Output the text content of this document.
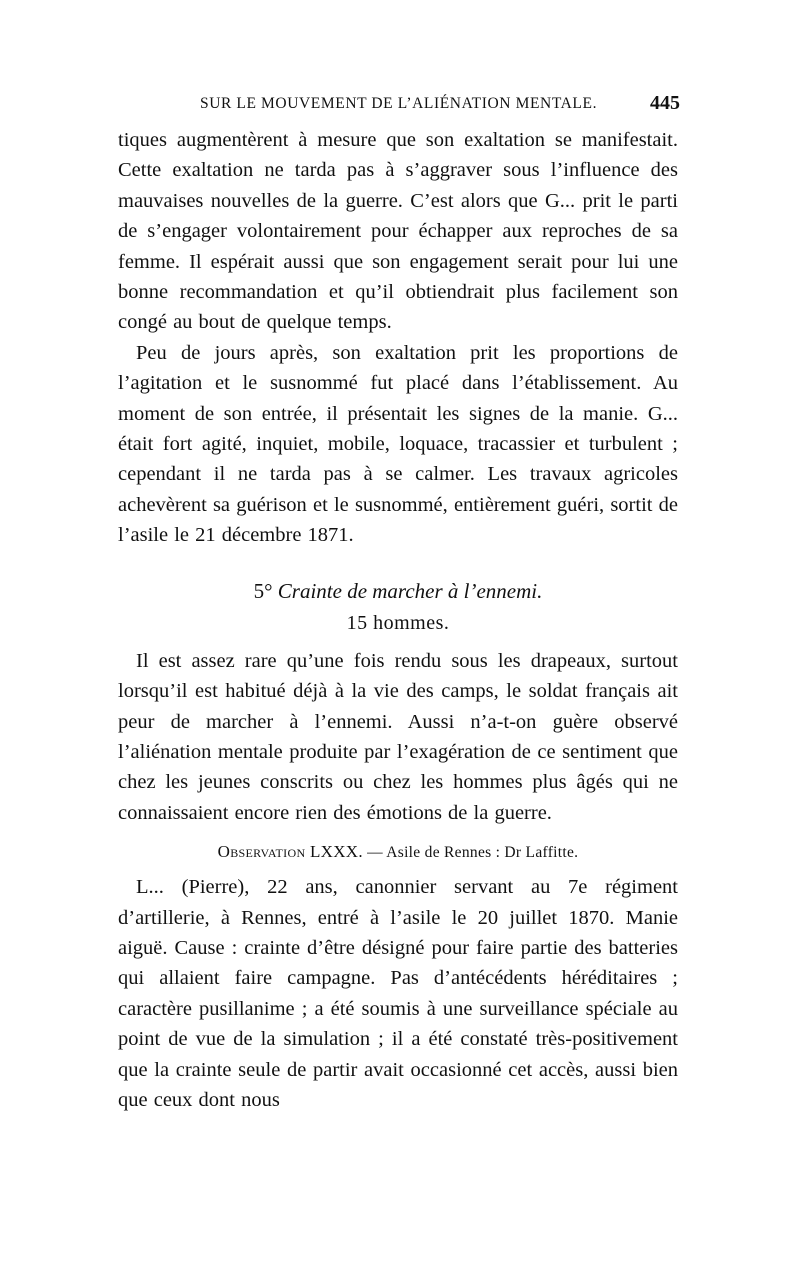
SUR LE MOUVEMENT DE L’ALIÉNATION MENTALE.	445

tiques augmentèrent à mesure que son exaltation se manifestait. Cette exaltation ne tarda pas à s’aggraver sous l’influence des mauvaises nouvelles de la guerre. C’est alors que G... prit le parti de s’engager volontairement pour échapper aux reproches de sa femme. Il espérait aussi que son engagement serait pour lui une bonne recommandation et qu’il obtiendrait plus facilement son congé au bout de quelque temps.

Peu de jours après, son exaltation prit les proportions de l’agitation et le susnommé fut placé dans l’établissement. Au moment de son entrée, il présentait les signes de la manie. G... était fort agité, inquiet, mobile, loquace, tracassier et turbulent ; cependant il ne tarda pas à se calmer. Les travaux agricoles achevèrent sa guérison et le susnommé, entièrement guéri, sortit de l’asile le 21 décembre 1871.

5° Crainte de marcher à l’ennemi.
15 hommes.

Il est assez rare qu’une fois rendu sous les drapeaux, surtout lorsqu’il est habitué déjà à la vie des camps, le soldat français ait peur de marcher à l’ennemi. Aussi n’a-t-on guère observé l’aliénation mentale produite par l’exagération de ce sentiment que chez les jeunes conscrits ou chez les hommes plus âgés qui ne connaissaient encore rien des émotions de la guerre.

Observation LXXX. — Asile de Rennes : Dr Laffitte.

L... (Pierre), 22 ans, canonnier servant au 7e régiment d’artillerie, à Rennes, entré à l’asile le 20 juillet 1870. Manie aiguë. Cause : crainte d’être désigné pour faire partie des batteries qui allaient faire campagne. Pas d’antécédents héréditaires ; caractère pusillanime ; a été soumis à une surveillance spéciale au point de vue de la simulation ; il a été constaté très-positivement que la crainte seule de partir avait occasionné cet accès, aussi bien que ceux dont nous
